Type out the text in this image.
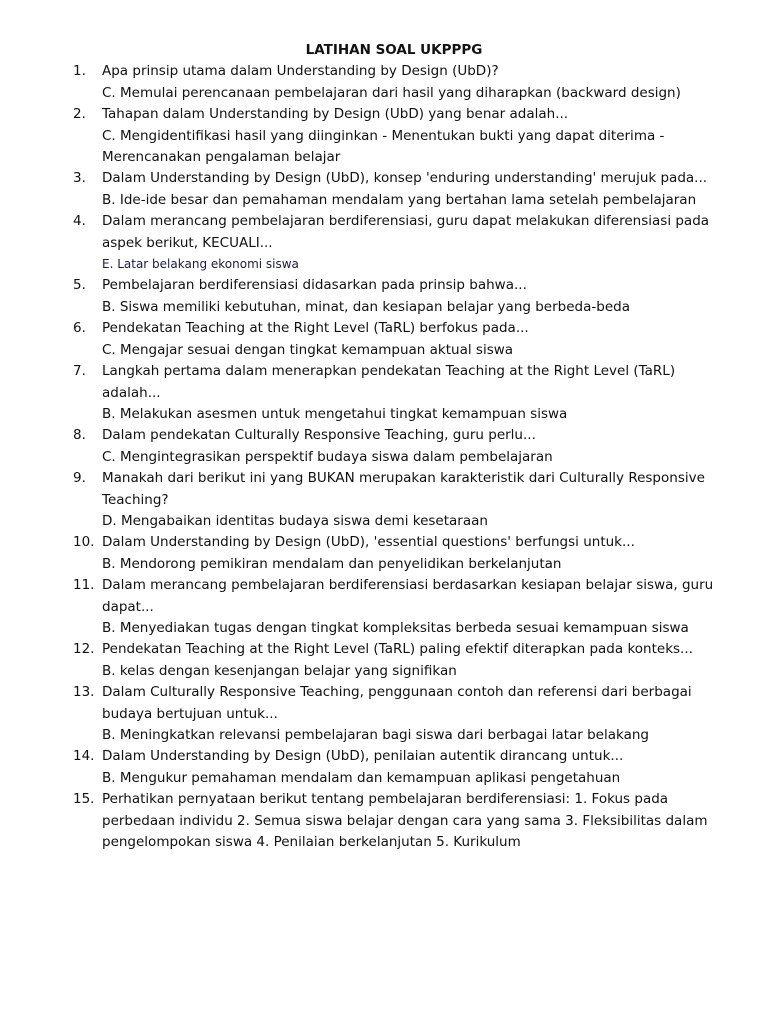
LATIHAN SOAL UKPPPG
1. Apa prinsip utama dalam Understanding by Design (UbD)?
C. Memulai perencanaan pembelajaran dari hasil yang diharapkan (backward design)
2. Tahapan dalam Understanding by Design (UbD) yang benar adalah...
C. Mengidentifikasi hasil yang diinginkan - Menentukan bukti yang dapat diterima - Merencanakan pengalaman belajar
3. Dalam Understanding by Design (UbD), konsep 'enduring understanding' merujuk pada...
B. Ide-ide besar dan pemahaman mendalam yang bertahan lama setelah pembelajaran
4. Dalam merancang pembelajaran berdiferensiasi, guru dapat melakukan diferensiasi pada aspek berikut, KECUALI...
E. Latar belakang ekonomi siswa
5. Pembelajaran berdiferensiasi didasarkan pada prinsip bahwa...
B. Siswa memiliki kebutuhan, minat, dan kesiapan belajar yang berbeda-beda
6. Pendekatan Teaching at the Right Level (TaRL) berfokus pada...
C. Mengajar sesuai dengan tingkat kemampuan aktual siswa
7. Langkah pertama dalam menerapkan pendekatan Teaching at the Right Level (TaRL) adalah...
B. Melakukan asesmen untuk mengetahui tingkat kemampuan siswa
8. Dalam pendekatan Culturally Responsive Teaching, guru perlu...
C. Mengintegrasikan perspektif budaya siswa dalam pembelajaran
9. Manakah dari berikut ini yang BUKAN merupakan karakteristik dari Culturally Responsive Teaching?
D. Mengabaikan identitas budaya siswa demi kesetaraan
10. Dalam Understanding by Design (UbD), 'essential questions' berfungsi untuk...
B. Mendorong pemikiran mendalam dan penyelidikan berkelanjutan
11. Dalam merancang pembelajaran berdiferensiasi berdasarkan kesiapan belajar siswa, guru dapat...
B. Menyediakan tugas dengan tingkat kompleksitas berbeda sesuai kemampuan siswa
12. Pendekatan Teaching at the Right Level (TaRL) paling efektif diterapkan pada konteks...
B. kelas dengan kesenjangan belajar yang signifikan
13. Dalam Culturally Responsive Teaching, penggunaan contoh dan referensi dari berbagai budaya bertujuan untuk...
B. Meningkatkan relevansi pembelajaran bagi siswa dari berbagai latar belakang
14. Dalam Understanding by Design (UbD), penilaian autentik dirancang untuk...
B. Mengukur pemahaman mendalam dan kemampuan aplikasi pengetahuan
15. Perhatikan pernyataan berikut tentang pembelajaran berdiferensiasi: 1. Fokus pada perbedaan individu 2. Semua siswa belajar dengan cara yang sama 3. Fleksibilitas dalam pengelompokan siswa 4. Penilaian berkelanjutan 5. Kurikulum
